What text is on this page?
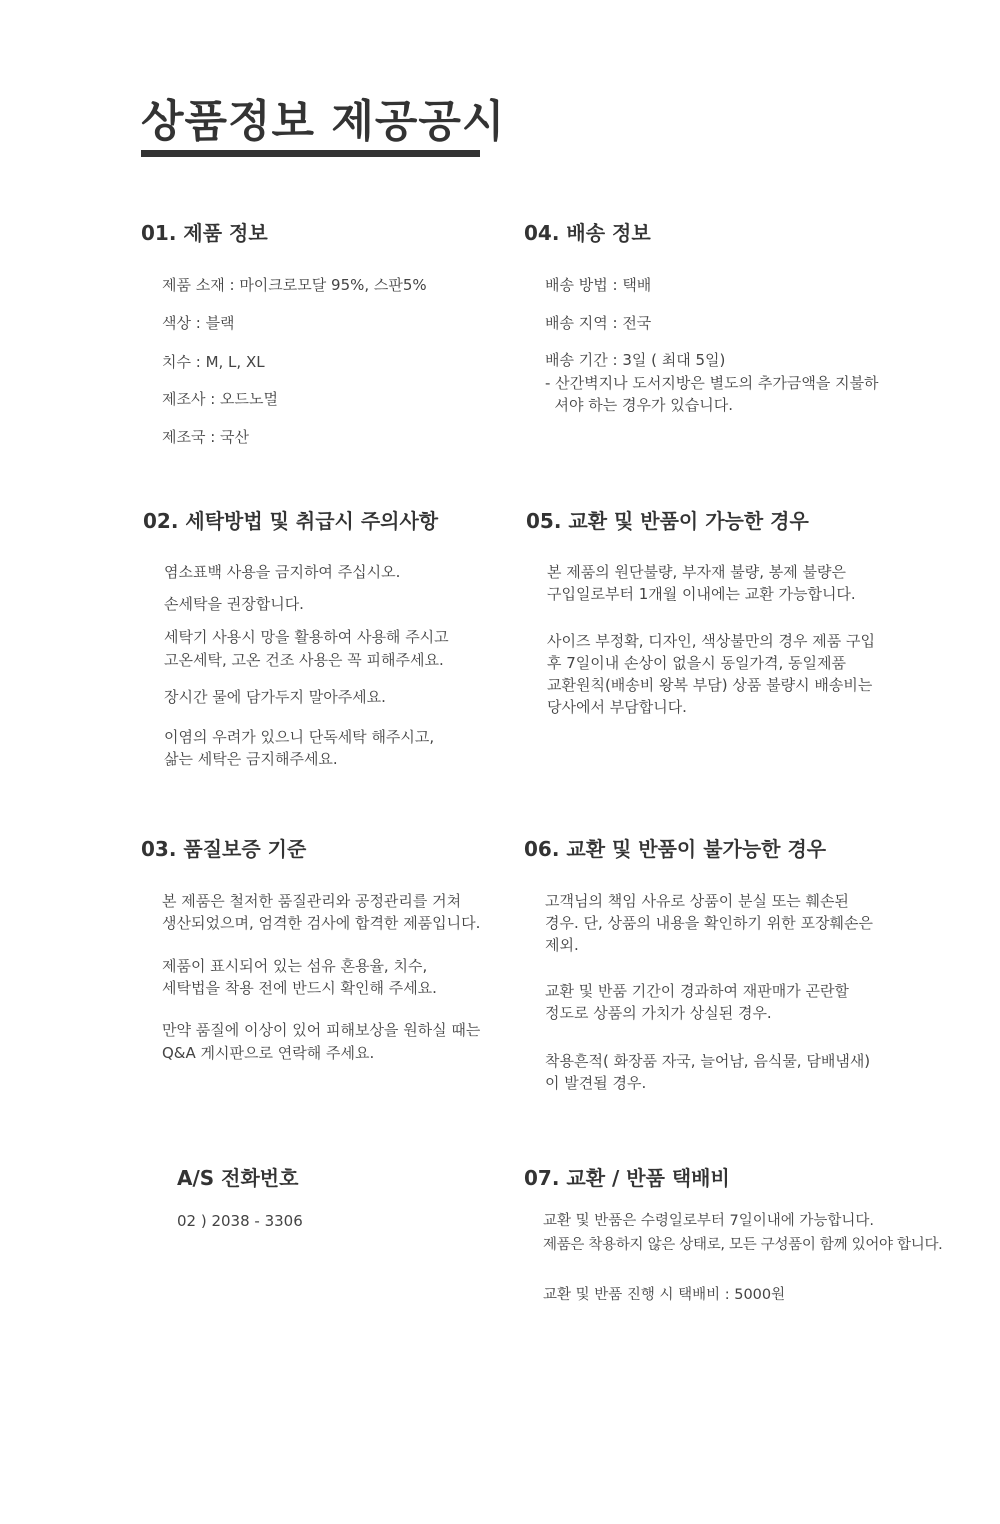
상품정보 제공공시
01. 제품 정보
제품 소재 : 마이크로모달 95%, 스판5%
색상 : 블랙
치수 : M, L, XL
제조사 : 오드노멀
제조국 : 국산
04. 배송 정보
배송 방법 : 택배
배송 지역 : 전국
배송 기간 : 3일 ( 최대 5일)
- 산간벽지나 도서지방은 별도의 추가금액을 지불하
셔야 하는 경우가 있습니다.
02. 세탁방법 및 취급시 주의사항
염소표백 사용을 금지하여 주십시오.
손세탁을 권장합니다.
세탁기 사용시 망을 활용하여 사용해 주시고
고온세탁, 고온 건조 사용은 꼭 피해주세요.
장시간 물에 담가두지 말아주세요.
이염의 우려가 있으니 단독세탁 해주시고,
삶는 세탁은 금지해주세요.
05. 교환 및 반품이 가능한 경우
본 제품의 원단불량, 부자재 불량, 봉제 불량은
구입일로부터 1개월 이내에는 교환 가능합니다.
사이즈 부정확, 디자인, 색상불만의 경우 제품 구입
후 7일이내 손상이 없을시 동일가격, 동일제품
교환원칙(배송비 왕복 부담) 상품 불량시 배송비는
당사에서 부담합니다.
03. 품질보증 기준
본 제품은 철저한 품질관리와 공정관리를 거쳐
생산되었으며, 엄격한 검사에 합격한 제품입니다.
제품이 표시되어 있는 섬유 혼용율, 치수,
세탁법을 착용 전에 반드시 확인해 주세요.
만약 품질에 이상이 있어 피해보상을 원하실 때는
Q&A 게시판으로 연락해 주세요.
06. 교환 및 반품이 불가능한 경우
고객님의 책임 사유로 상품이 분실 또는 훼손된
경우. 단, 상품의 내용을 확인하기 위한 포장훼손은
제외.
교환 및 반품 기간이 경과하여 재판매가 곤란할
정도로 상품의 가치가 상실된 경우.
착용흔적( 화장품 자국, 늘어남, 음식물, 담배냄새)
이 발견될 경우.
A/S 전화번호
02 ) 2038 - 3306
07. 교환 / 반품 택배비
교환 및 반품은 수령일로부터 7일이내에 가능합니다.
제품은 착용하지 않은 상태로, 모든 구성품이 함께 있어야 합니다.
교환 및 반품 진행 시 택배비 : 5000원
